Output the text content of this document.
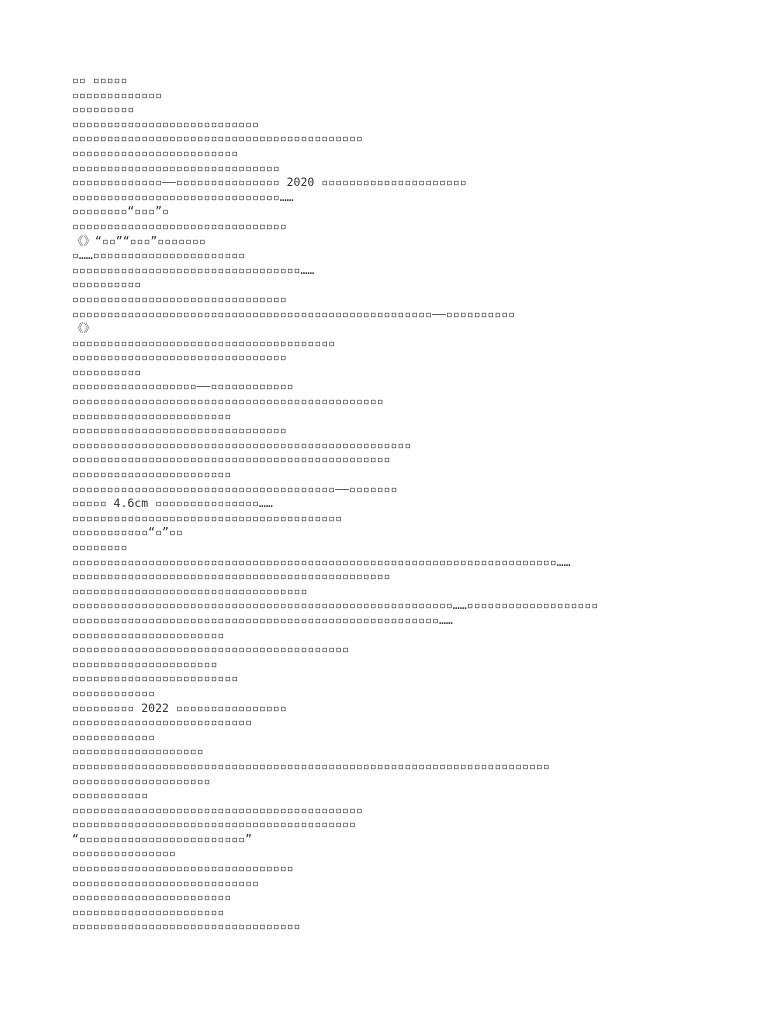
▫▫ ▫▫▫▫▫
▫▫▫▫▫▫▫▫▫▫▫▫▫
▫▫▫▫▫▫▫▫▫
▫▫▫▫▫▫▫▫▫▫▫▫▫▫▫▫▫▫▫▫▫▫▫▫▫▫▫
▫▫▫▫▫▫▫▫▫▫▫▫▫▫▫▫▫▫▫▫▫▫▫▫▫▫▫▫▫▫▫▫▫▫▫▫▫▫▫▫▫▫
▫▫▫▫▫▫▫▫▫▫▫▫▫▫▫▫▫▫▫▫▫▫▫▫
▫▫▫▫▫▫▫▫▫▫▫▫▫▫▫▫▫▫▫▫▫▫▫▫▫▫▫▫▫▫
▫▫▫▫▫▫▫▫▫▫▫▫▫——▫▫▫▫▫▫▫▫▫▫▫▫▫▫▫ 2020 ▫▫▫▫▫▫▫▫▫▫▫▫▫▫▫▫▫▫▫▫▫
▫▫▫▫▫▫▫▫▫▫▫▫▫▫▫▫▫▫▫▫▫▫▫▫▫▫▫▫▫▫……
▫▫▫▫▫▫▫▫“▫▫▫”▫
▫▫▫▫▫▫▫▫▫▫▫▫▫▫▫▫▫▫▫▫▫▫▫▫▫▫▫▫▫▫▫
《》“▫▫”“▫▫▫”▫▫▫▫▫▫▫
▫……▫▫▫▫▫▫▫▫▫▫▫▫▫▫▫▫▫▫▫▫▫▫
▫▫▫▫▫▫▫▫▫▫▫▫▫▫▫▫▫▫▫▫▫▫▫▫▫▫▫▫▫▫▫▫▫……
▫▫▫▫▫▫▫▫▫▫
▫▫▫▫▫▫▫▫▫▫▫▫▫▫▫▫▫▫▫▫▫▫▫▫▫▫▫▫▫▫▫
▫▫▫▫▫▫▫▫▫▫▫▫▫▫▫▫▫▫▫▫▫▫▫▫▫▫▫▫▫▫▫▫▫▫▫▫▫▫▫▫▫▫▫▫▫▫▫▫▫▫▫▫——▫▫▫▫▫▫▫▫▫▫
《》
▫▫▫▫▫▫▫▫▫▫▫▫▫▫▫▫▫▫▫▫▫▫▫▫▫▫▫▫▫▫▫▫▫▫▫▫▫▫
▫▫▫▫▫▫▫▫▫▫▫▫▫▫▫▫▫▫▫▫▫▫▫▫▫▫▫▫▫▫▫
▫▫▫▫▫▫▫▫▫▫
▫▫▫▫▫▫▫▫▫▫▫▫▫▫▫▫▫▫——▫▫▫▫▫▫▫▫▫▫▫▫
▫▫▫▫▫▫▫▫▫▫▫▫▫▫▫▫▫▫▫▫▫▫▫▫▫▫▫▫▫▫▫▫▫▫▫▫▫▫▫▫▫▫▫▫▫
▫▫▫▫▫▫▫▫▫▫▫▫▫▫▫▫▫▫▫▫▫▫▫
▫▫▫▫▫▫▫▫▫▫▫▫▫▫▫▫▫▫▫▫▫▫▫▫▫▫▫▫▫▫▫
▫▫▫▫▫▫▫▫▫▫▫▫▫▫▫▫▫▫▫▫▫▫▫▫▫▫▫▫▫▫▫▫▫▫▫▫▫▫▫▫▫▫▫▫▫▫▫▫▫
▫▫▫▫▫▫▫▫▫▫▫▫▫▫▫▫▫▫▫▫▫▫▫▫▫▫▫▫▫▫▫▫▫▫▫▫▫▫▫▫▫▫▫▫▫▫
▫▫▫▫▫▫▫▫▫▫▫▫▫▫▫▫▫▫▫▫▫▫▫
▫▫▫▫▫▫▫▫▫▫▫▫▫▫▫▫▫▫▫▫▫▫▫▫▫▫▫▫▫▫▫▫▫▫▫▫▫▫——▫▫▫▫▫▫▫
▫▫▫▫▫ 4.6cm ▫▫▫▫▫▫▫▫▫▫▫▫▫▫▫……
▫▫▫▫▫▫▫▫▫▫▫▫▫▫▫▫▫▫▫▫▫▫▫▫▫▫▫▫▫▫▫▫▫▫▫▫▫▫▫
▫▫▫▫▫▫▫▫▫▫▫“▫”▫▫
▫▫▫▫▫▫▫▫
▫▫▫▫▫▫▫▫▫▫▫▫▫▫▫▫▫▫▫▫▫▫▫▫▫▫▫▫▫▫▫▫▫▫▫▫▫▫▫▫▫▫▫▫▫▫▫▫▫▫▫▫▫▫▫▫▫▫▫▫▫▫▫▫▫▫▫▫▫▫……
▫▫▫▫▫▫▫▫▫▫▫▫▫▫▫▫▫▫▫▫▫▫▫▫▫▫▫▫▫▫▫▫▫▫▫▫▫▫▫▫▫▫▫▫▫▫
▫▫▫▫▫▫▫▫▫▫▫▫▫▫▫▫▫▫▫▫▫▫▫▫▫▫▫▫▫▫▫▫▫▫
▫▫▫▫▫▫▫▫▫▫▫▫▫▫▫▫▫▫▫▫▫▫▫▫▫▫▫▫▫▫▫▫▫▫▫▫▫▫▫▫▫▫▫▫▫▫▫▫▫▫▫▫▫▫▫……▫▫▫▫▫▫▫▫▫▫▫▫▫▫▫▫▫▫▫
▫▫▫▫▫▫▫▫▫▫▫▫▫▫▫▫▫▫▫▫▫▫▫▫▫▫▫▫▫▫▫▫▫▫▫▫▫▫▫▫▫▫▫▫▫▫▫▫▫▫▫▫▫……
▫▫▫▫▫▫▫▫▫▫▫▫▫▫▫▫▫▫▫▫▫▫
▫▫▫▫▫▫▫▫▫▫▫▫▫▫▫▫▫▫▫▫▫▫▫▫▫▫▫▫▫▫▫▫▫▫▫▫▫▫▫▫
▫▫▫▫▫▫▫▫▫▫▫▫▫▫▫▫▫▫▫▫▫
▫▫▫▫▫▫▫▫▫▫▫▫▫▫▫▫▫▫▫▫▫▫▫▫
▫▫▫▫▫▫▫▫▫▫▫▫
▫▫▫▫▫▫▫▫▫ 2022 ▫▫▫▫▫▫▫▫▫▫▫▫▫▫▫▫
▫▫▫▫▫▫▫▫▫▫▫▫▫▫▫▫▫▫▫▫▫▫▫▫▫▫
▫▫▫▫▫▫▫▫▫▫▫▫
▫▫▫▫▫▫▫▫▫▫▫▫▫▫▫▫▫▫▫
▫▫▫▫▫▫▫▫▫▫▫▫▫▫▫▫▫▫▫▫▫▫▫▫▫▫▫▫▫▫▫▫▫▫▫▫▫▫▫▫▫▫▫▫▫▫▫▫▫▫▫▫▫▫▫▫▫▫▫▫▫▫▫▫▫▫▫▫▫
▫▫▫▫▫▫▫▫▫▫▫▫▫▫▫▫▫▫▫▫
▫▫▫▫▫▫▫▫▫▫▫
▫▫▫▫▫▫▫▫▫▫▫▫▫▫▫▫▫▫▫▫▫▫▫▫▫▫▫▫▫▫▫▫▫▫▫▫▫▫▫▫▫▫
▫▫▫▫▫▫▫▫▫▫▫▫▫▫▫▫▫▫▫▫▫▫▫▫▫▫▫▫▫▫▫▫▫▫▫▫▫▫▫▫▫
“▫▫▫▫▫▫▫▫▫▫▫▫▫▫▫▫▫▫▫▫▫▫▫▫”
▫▫▫▫▫▫▫▫▫▫▫▫▫▫▫
▫▫▫▫▫▫▫▫▫▫▫▫▫▫▫▫▫▫▫▫▫▫▫▫▫▫▫▫▫▫▫▫
▫▫▫▫▫▫▫▫▫▫▫▫▫▫▫▫▫▫▫▫▫▫▫▫▫▫▫
▫▫▫▫▫▫▫▫▫▫▫▫▫▫▫▫▫▫▫▫▫▫▫
▫▫▫▫▫▫▫▫▫▫▫▫▫▫▫▫▫▫▫▫▫▫
▫▫▫▫▫▫▫▫▫▫▫▫▫▫▫▫▫▫▫▫▫▫▫▫▫▫▫▫▫▫▫▫▫
